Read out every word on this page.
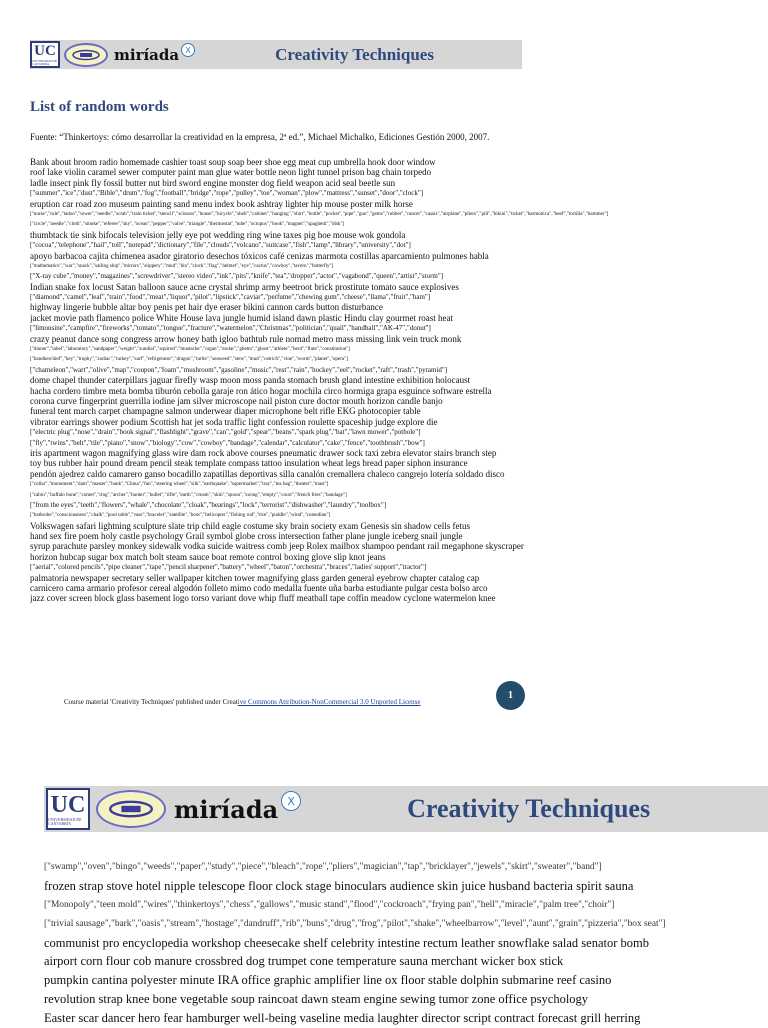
UC
UNIVERSIDAD DE CANTABRIA	miríada X	Creativity Techniques
List of random words
Fuente: “Thinkertoys: cómo desarrollar la creatividad en la empresa, 2ª ed.”, Michael Michalko, Ediciones Gestión 2000, 2007.
Bank about broom radio homemade cashier toast soup soap beer shoe egg meat cup umbrella hook door window
roof lake violin caramel sewer computer paint man glue water bottle neon light tunnel prison bag chain torpedo
ladle insect pink fly fossil butter nut bird sword engine monster dog field weapon acid seal beetle sun
["summer","ice","dust","Bible","drum","fog","football","bridge","rope","pulley","toe","woman","plow","mattress","sunset","door","clock"]
eruption car road zoo museum painting sand menu index book ashtray lighter hip mouse poster milk horse
["nurse","rule","tadoo","tower","needle","scrab","train ticket","stencil","scissors","house","bicycle","shell","cabinet","hanging","shirt","bottle","pocket","pipe","gun","gems","rubber","cancer","cassis","airplane","pliers","pill","bikini","ticket","harmonica","beef","tortilla","hammer"]
["circle","needle","cloth","smoke","referee","sky","ocean","pepper","valve","triangle","thermostat","tube","octopus","hook","magnet","spaghetti","disk"]
thumbtack tie sink bifocals television jelly eye pot wedding ring wine taxes pig hoe mouse wok gondola
["cocoa","telephone","hail","toll","notepad","dictionary","file","clouds","volcano","suitcase","fish","lamp","library","university","dot"]
apoyo barbacoa cajita chimenea asador giratorio desechos tóxicos café cenizas marmota costillas aparcamiento pulmones habla
["mathematics","war","snack","sailing ship","mirrors","slippery","mud","bin","clock","flag","helmet","eye","cactus","cowboy","tavern","butterfly"]
["X-ray cube","money","magazines","screwdriver","stereo video","ink","pits","knife","tea","dropper","actor","vagabond","queen","artist","storm"]
Indian snake fox locust Satan balloon sauce acne crystal shrimp army beetroot brick prostitute tomato sauce explosives
["diamond","camel","leaf","train","food","meat","liquor","pilot","lipstick","caviar","perfume","chewing gum","cheese","llama","fruit","ham"]
highway lingerie bubble altar boy penis pet hair dye eraser bikini cannon cards button disturbance
jacket movie path flamenco police White House lava jungle humid island dawn plastic Hindu clay gourmet roast heat
["limousine","campfire","fireworks","tomato","tongue","fracture","watermelon","Christmas","politician","quail","handball","AK-47","donut"]
crazy peanut dance song congress arrow honey bath igloo bathtub rule nomad metro mass missing link vein truck monk
["dinner","label","laboratory","sandpaper","weight","sundial","squirrel","mustache","organ","molar","ghetto","ghost","athlete","herd","flute","constitution"]
["handkerchief","key","trophy","zodiac","turkey","surf","refrigerator","dragon","turtle","seaweed","stew","mud","ostrich","vine","worm","planet","opera"]
["chameleon","wart","olive","map","coupon","foam","mushroom","gasoline","music","rest","rain","hockey","eel","rocket","raft","trash","pyramid"]
dome chapel thunder caterpillars jaguar firefly wasp moon moss panda stomach brush gland intestine exhibition holocaust
hacha cordero timbre meta bomba tiburón cebolla garaje ron ático hogar mochila circo hormiga grapa esguince software estrella
corona curve fingerprint guerrilla iodine jam silver microscope nail piston cure doctor mouth horizon candle banjo
funeral tent march carpet champagne salmon underwear diaper microphone belt rifle EKG photocopier table
vibrator earrings shower podium Scottish hat jet soda traffic light confession roulette spaceship judge explore die
["electric plug","nose","drain","book signal","flashlight","grave","can","gold","spear","beans","spark plug","bat","lawn mower","pothole"]
["fly","twins","belt","tile","piano","snow","biology","cow","cowboy","bandage","calendar","calculator","cake","fence","toothbrush","bow"]
iris apartment wagon magnifying glass wire dam rock above courses pneumatic drawer sock taxi zebra elevator stairs branch step
toy bus rubber hair pound dream pencil steak template compass tattoo insulation wheat legs bread paper siphon insurance
pendón ajedrez caldo camarero ganso bocadillo zapatillas deportivas silla canalón cremallera chaleco cangrejo lotería soldado disco
["collar","monument","dam","master","bank","China","fan","steering wheel","silk","earthquake","supermarket","tray","tea bag","theater","mast"]
["cabin","buffalo bone","comet","ring","archer","hunter","bullet","rifle","earth","cream","skin","spoon","swing","empty","court","french fries","bandage"]
["from the eyes","teeth","flowers","whale","chocolate","cloak","bearings","lock","terrorist","dishwasher","laundry","toolbox"]
["bathrobe","consciousness","chalk","pool table","vase","bracelet","satellite","boot","helicopter","fishing rod","rice","puddle","wind","comedian"]
Volkswagen safari lightning sculpture slate trip child eagle costume sky brain society exam Genesis sin shadow cells fetus
hand sex fire poem holy castle psychology Grail symbol globe cross intersection father plane jungle iceberg snail jungle
syrup parachute parsley monkey sidewalk vodka suicide waitress comb jeep Rolex mailbox shampoo pendant rail megaphone skyscraper
horizon hubcap sugar box match bolt steam sauce boat remote control boxing glove slip knot jeans
["aerial","colored pencils","pipe cleaner","tape","pencil sharpener","battery","wheel","baton","orchestra","braces","ladies' support","tractor"]
palmatoria newspaper secretary seller wallpaper kitchen tower magnifying glass garden general eyebrow chapter catalog cap
carnicero cama armario profesor cereal algodón folleto mimo codo medalla fuente uña barba estudiante pulgar cesta bolso arco
jazz cover screen block glass basement logo torso variant dove whip fluff meatball tape coffin meadow cyclone watermelon knee
Course material 'Creativity Techniques' published under Creative Commons Attribution-NonCommercial 3.0 Unported License
1
UC
UNIVERSIDAD DE CANTABRIA	miríada X	Creativity Techniques
["swamp","oven","bingo","weeds","paper","study","piece","bleach","rope","pliers","magician","tap","bricklayer","jewels","skirt","sweater","band"]
frozen strap stove hotel nipple telescope floor clock stage binoculars audience skin juice husband bacteria spirit sauna
["Monopoly","teen mold","wires","thinkertoys","chess","gallows","music stand","flood","cockroach","frying pan","hell","miracle","palm tree","choir"]
["trivial sausage","bark","oasis","stream","hostage","dandruff","rib","buns","drug","frog","pilot","shake","wheelbarrow","level","aunt","grain","pizzeria","box seat"]
communist pro encyclopedia workshop cheesecake shelf celebrity intestine rectum leather snowflake salad senator bomb
airport corn flour cob manure crossbred dog trumpet cone temperature sauna merchant wicker box stick
pumpkin cantina polyester minute IRA office graphic amplifier line ox floor stable dolphin submarine reef casino
revolution strap knee bone vegetable soup raincoat dawn steam engine sewing tumor zone office psychology
Easter scar dancer hero fear hamburger well-being vaseline media laughter director script contract forecast grill herring
